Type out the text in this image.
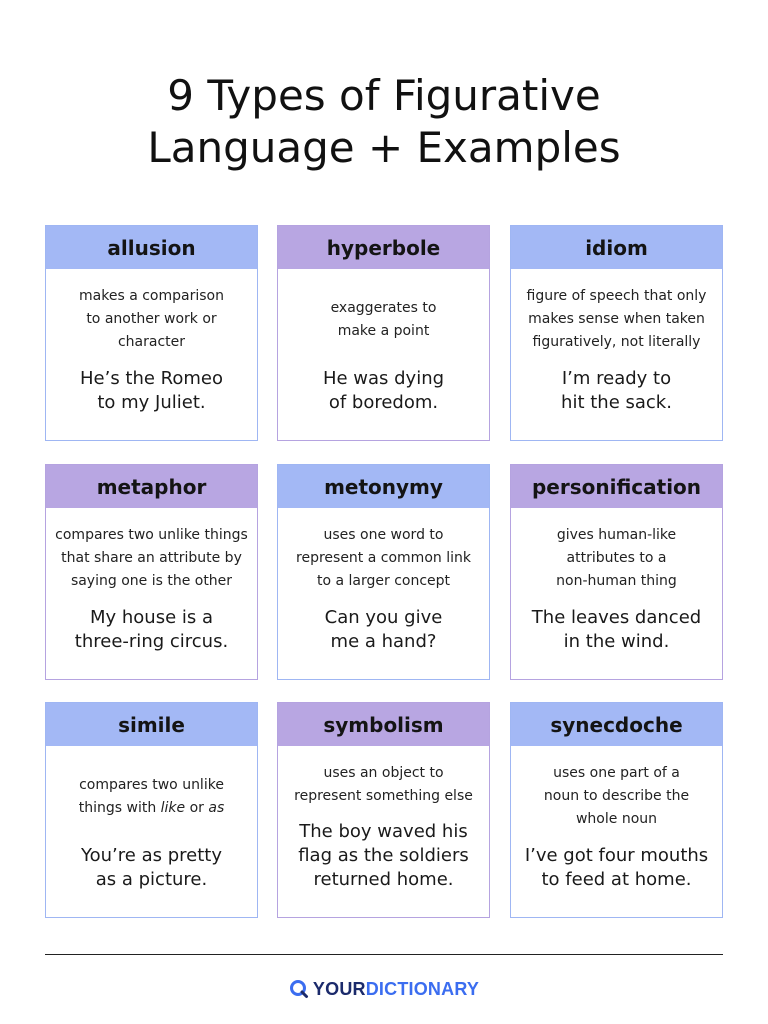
9 Types of Figurative
Language + Examples
allusion
makes a comparison
to another work or
character
He’s the Romeo
to my Juliet.
hyperbole
exaggerates to
make a point
He was dying
of boredom.
idiom
figure of speech that only
makes sense when taken
figuratively, not literally
I’m ready to
hit the sack.
metaphor
compares two unlike things
that share an attribute by
saying one is the other
My house is a
three-ring circus.
metonymy
uses one word to
represent a common link
to a larger concept
Can you give
me a hand?
personification
gives human-like
attributes to a
non-human thing
The leaves danced
in the wind.
simile
compares two unlike
things with like or as
You’re as pretty
as a picture.
symbolism
uses an object to
represent something else
The boy waved his
flag as the soldiers
returned home.
synecdoche
uses one part of a
noun to describe the
whole noun
I’ve got four mouths
to feed at home.
YOUR DICTIONARY
